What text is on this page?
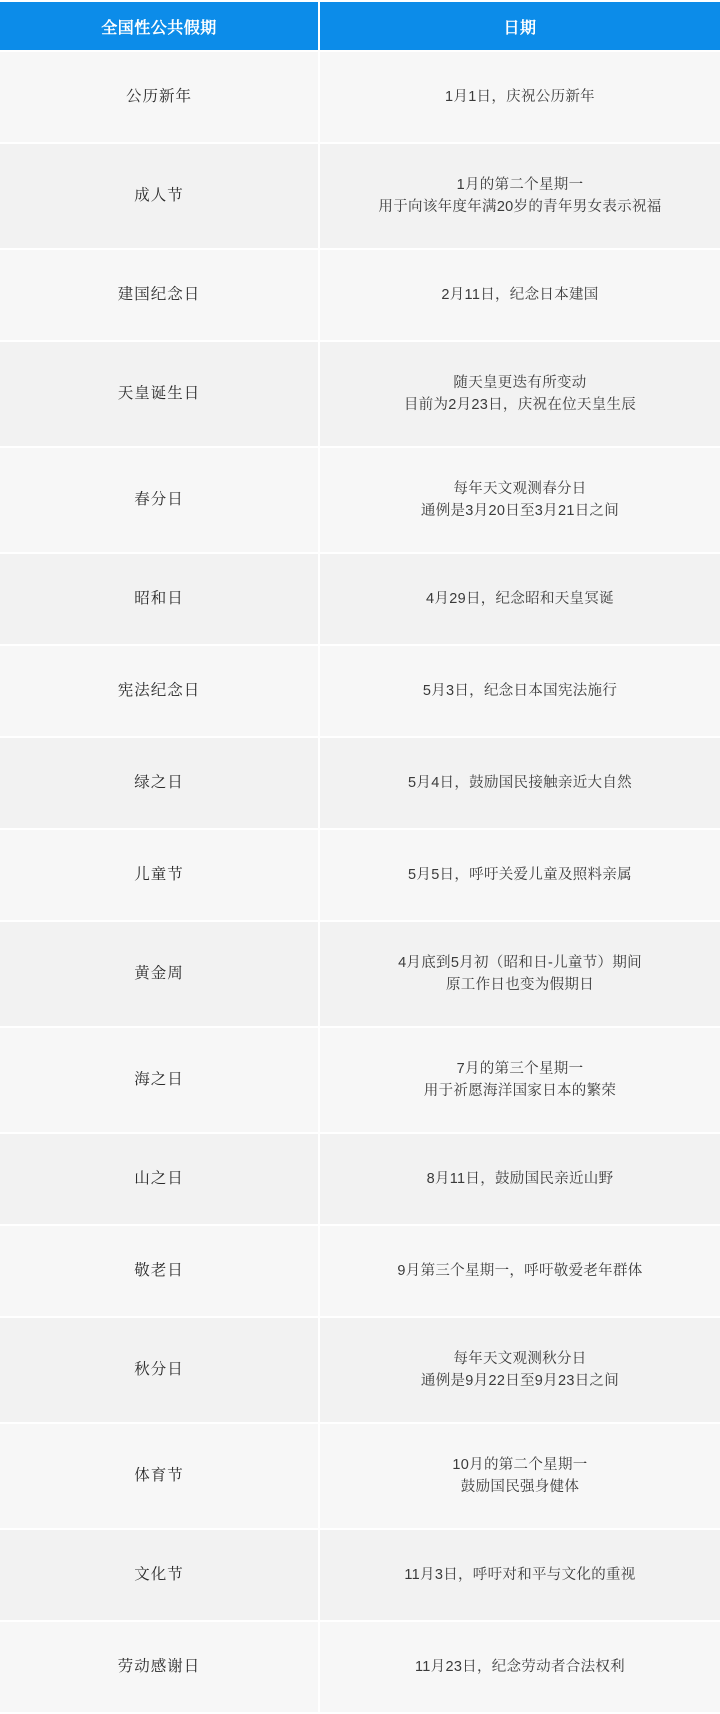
全国性公共假期	日期
公历新年	1月1日，庆祝公历新年

成人节	1月的第二个星期一
用于向该年度年满20岁的青年男女表示祝福

建国纪念日	2月11日，纪念日本建国

天皇诞生日	随天皇更迭有所变动
目前为2月23日，庆祝在位天皇生辰

春分日	每年天文观测春分日
通例是3月20日至3月21日之间

昭和日	4月29日，纪念昭和天皇冥诞

宪法纪念日	5月3日，纪念日本国宪法施行

绿之日	5月4日，鼓励国民接触亲近大自然

儿童节	5月5日，呼吁关爱儿童及照料亲属

黄金周	4月底到5月初（昭和日-儿童节）期间
原工作日也变为假期日

海之日	7月的第三个星期一
用于祈愿海洋国家日本的繁荣

山之日	8月11日，鼓励国民亲近山野

敬老日	9月第三个星期一，呼吁敬爱老年群体

秋分日	每年天文观测秋分日
通例是9月22日至9月23日之间

体育节	10月的第二个星期一
鼓励国民强身健体

文化节	11月3日，呼吁对和平与文化的重视

劳动感谢日	11月23日，纪念劳动者合法权利
